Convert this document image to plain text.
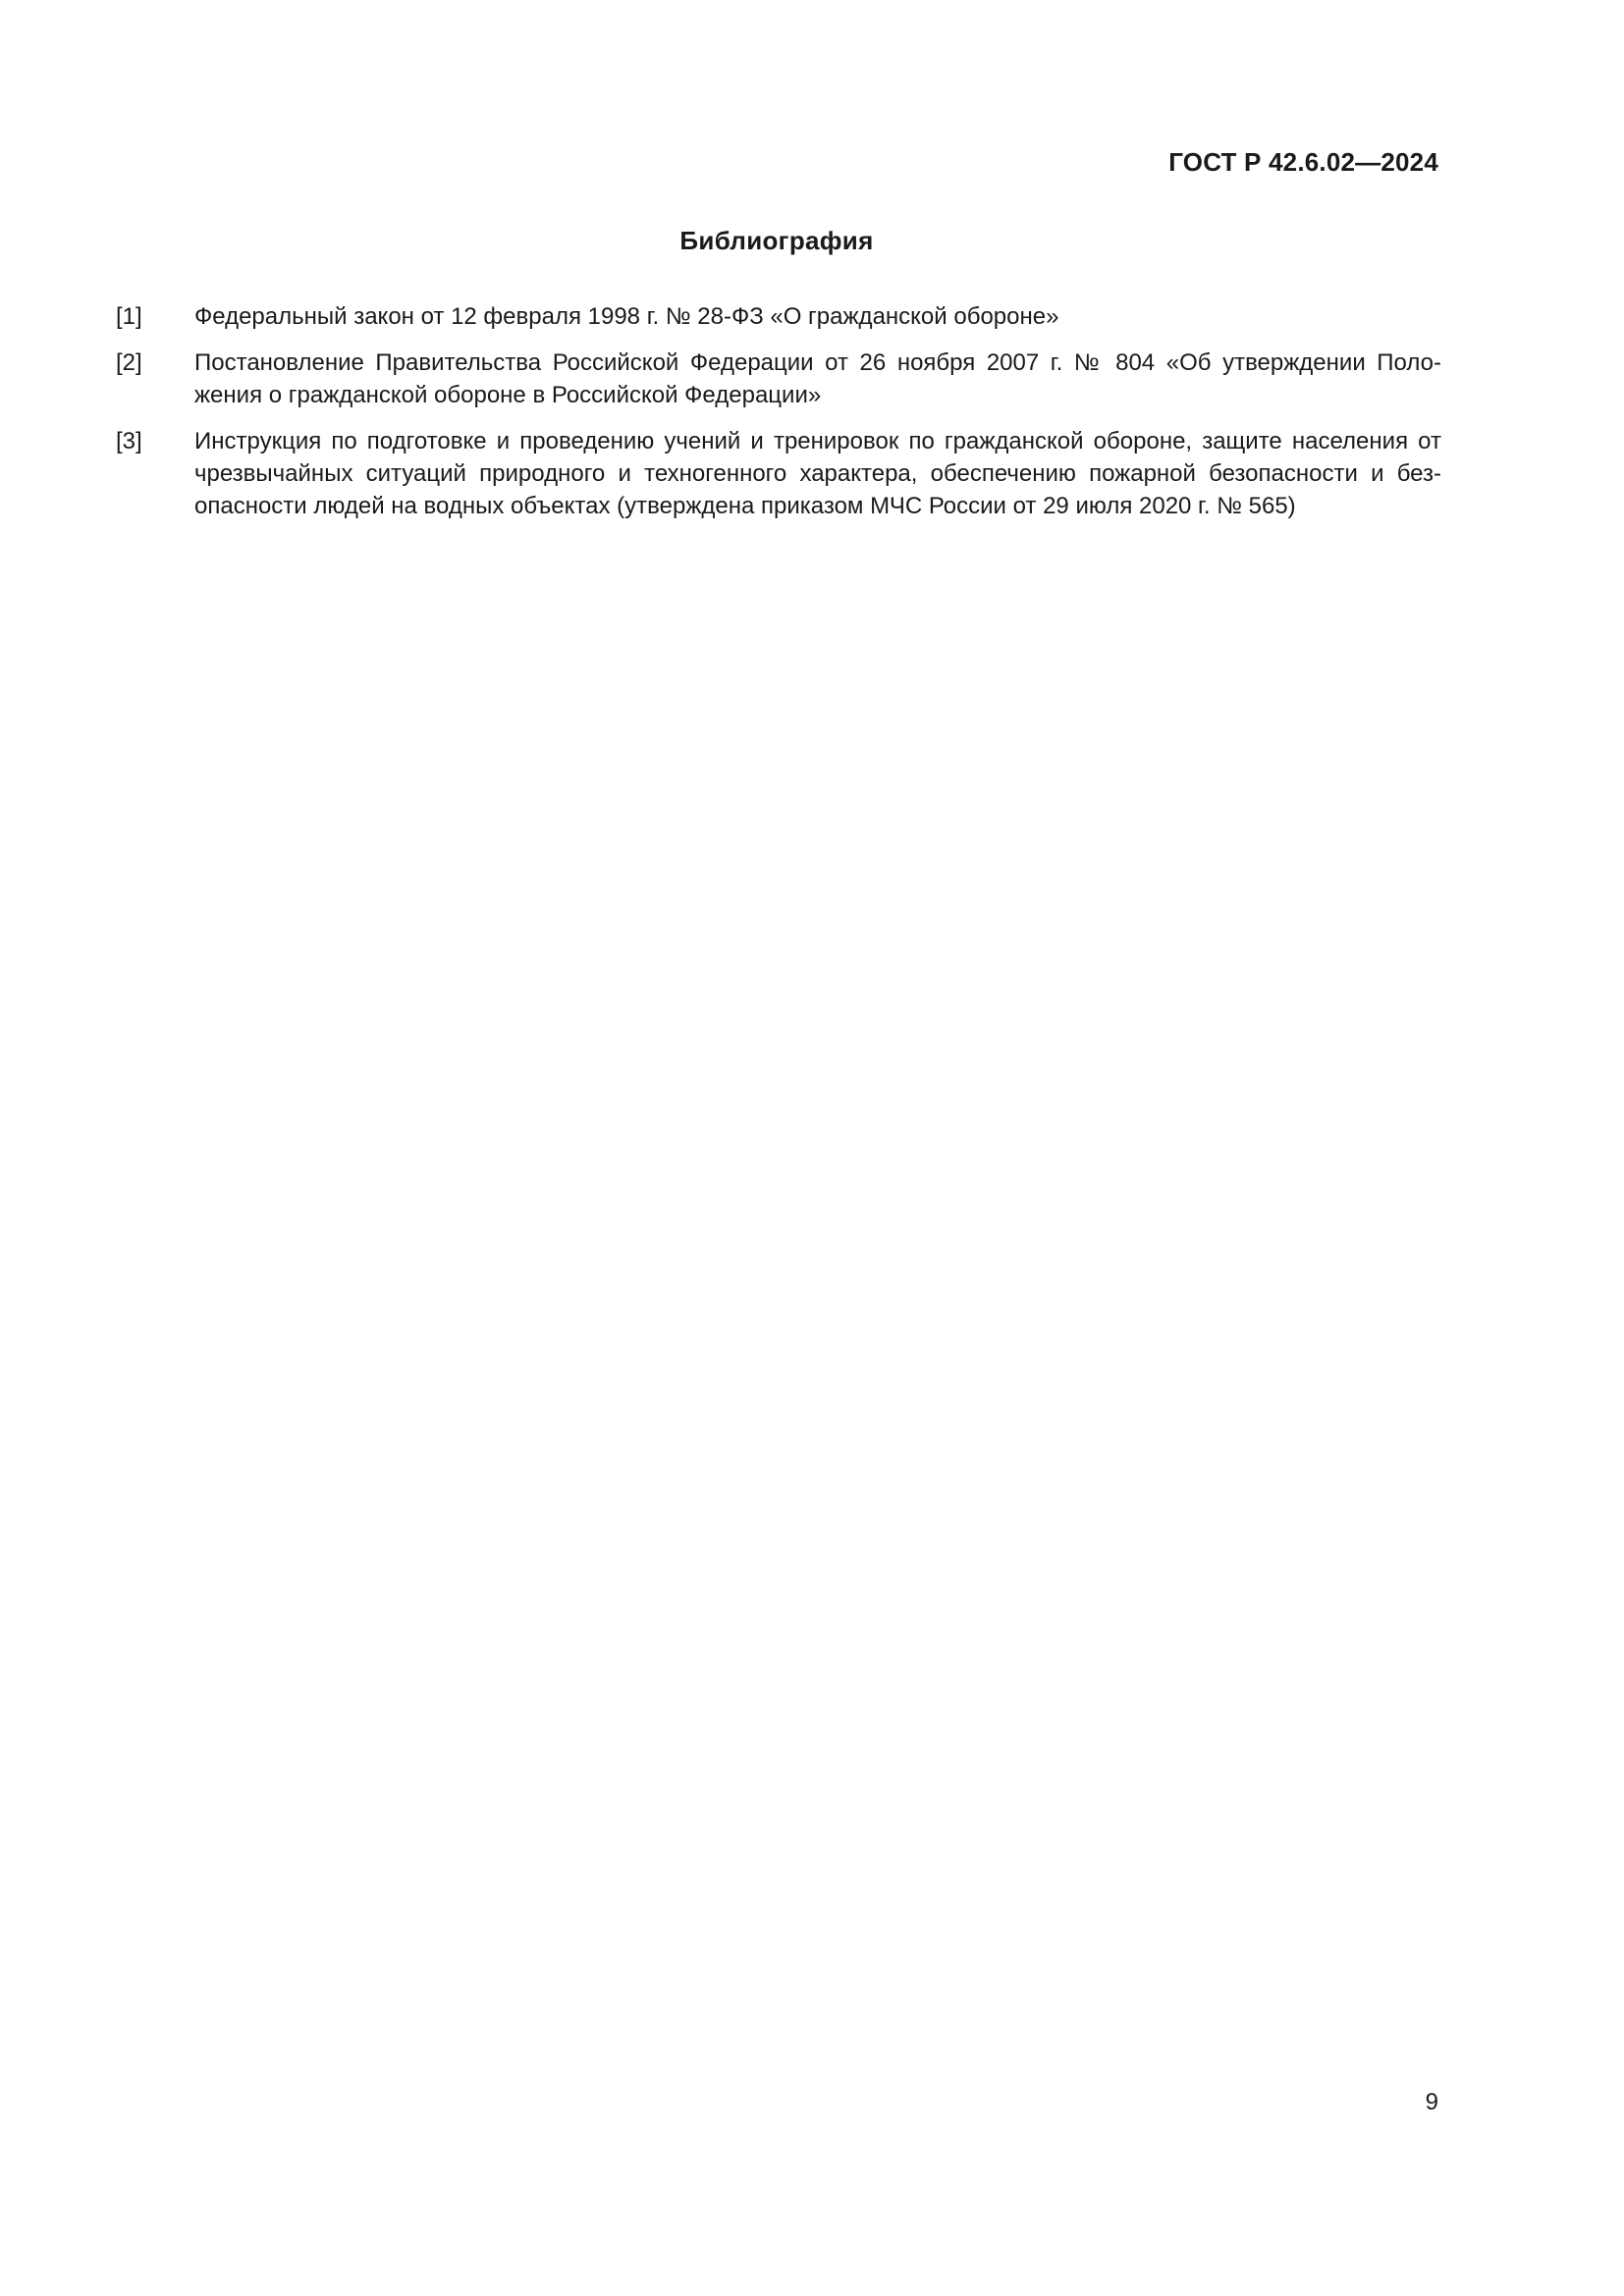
ГОСТ Р 42.6.02—2024
Библиография
[1]	Федеральный закон от 12 февраля 1998 г. № 28-ФЗ «О гражданской обороне»
[2]	Постановление Правительства Российской Федерации от 26 ноября 2007 г. № 804 «Об утверждении Поло-
жения о гражданской обороне в Российской Федерации»
[3]	Инструкция по подготовке и проведению учений и тренировок по гражданской обороне, защите населения от
чрезвычайных ситуаций природного и техногенного характера, обеспечению пожарной безопасности и без-
опасности людей на водных объектах (утверждена приказом МЧС России от 29 июля 2020 г. № 565)
9
